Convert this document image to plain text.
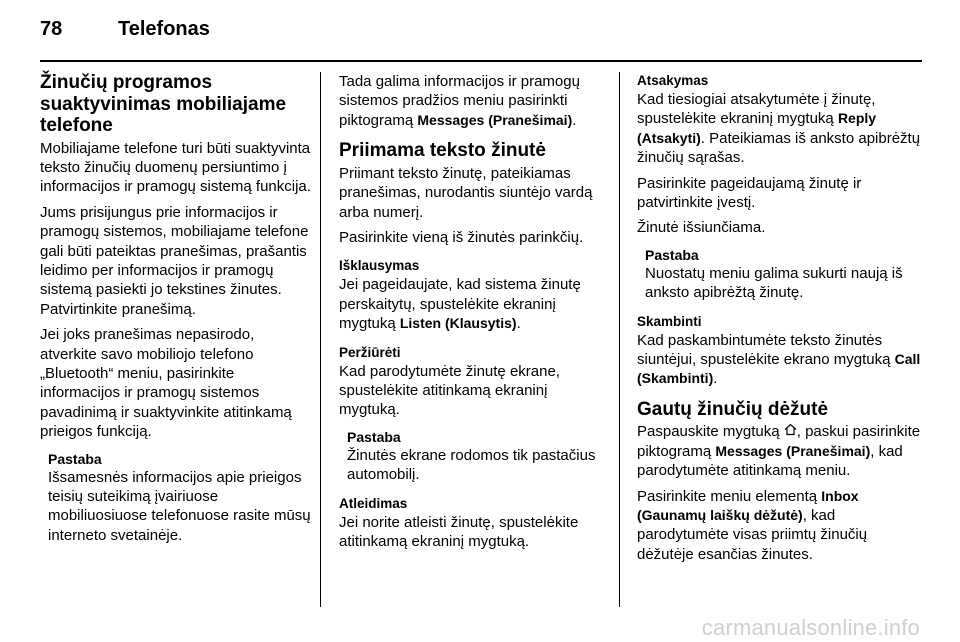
78	Telefonas
Žinučių programos suaktyvinimas mobiliajame telefone

Mobiliajame telefone turi būti suaktyvinta teksto žinučių duomenų persiuntimo į informacijos ir pramogų sistemą funkcija.

Jums prisijungus prie informacijos ir pramogų sistemos, mobiliajame telefone gali būti pateiktas pranešimas, prašantis leidimo per informacijos ir pramogų sistemą pasiekti jo tekstines žinutes. Patvirtinkite pranešimą.

Jei joks pranešimas nepasirodo, atverkite savo mobiliojo telefono „Bluetooth“ meniu, pasirinkite informacijos ir pramogų sistemos pavadinimą ir suaktyvinkite atitinkamą prieigos funkciją.

Pastaba
Išsamesnės informacijos apie prieigos teisių suteikimą įvairiuose mobiliuosiuose telefonuose rasite mūsų interneto svetainėje.

Tada galima informacijos ir pramogų sistemos pradžios meniu pasirinkti piktogramą Messages (Pranešimai).

Priimama teksto žinutė

Priimant teksto žinutę, pateikiamas pranešimas, nurodantis siuntėjo vardą arba numerį.

Pasirinkite vieną iš žinutės parinkčių.

Išklausymas

Jei pageidaujate, kad sistema žinutę perskaitytų, spustelėkite ekraninį mygtuką Listen (Klausytis).

Peržiūrėti

Kad parodytumėte žinutę ekrane, spustelėkite atitinkamą ekraninį mygtuką.

Pastaba
Žinutės ekrane rodomos tik pastačius automobilį.
Atleidimas

Jei norite atleisti žinutę, spustelėkite atitinkamą ekraninį mygtuką.

Atsakymas

Kad tiesiogiai atsakytumėte į žinutę, spustelėkite ekraninį mygtuką Reply (Atsakyti). Pateikiamas iš anksto apibrėžtų žinučių sąrašas.

Pasirinkite pageidaujamą žinutę ir patvirtinkite įvestį.

Žinutė išsiunčiama.

Pastaba
Nuostatų meniu galima sukurti naują iš anksto apibrėžtą žinutę.
Skambinti

Kad paskambintumėte teksto žinutės siuntėjui, spustelėkite ekrano mygtuką Call (Skambinti).

Gautų žinučių dėžutė

Paspauskite mygtuką , paskui pasirinkite piktogramą Messages (Pranešimai), kad parodytumėte atitinkamą meniu.

Pasirinkite meniu elementą Inbox (Gaunamų laiškų dėžutė), kad parodytumėte visas priimtų žinučių dėžutėje esančias žinutes.

carmanualsonline.info
